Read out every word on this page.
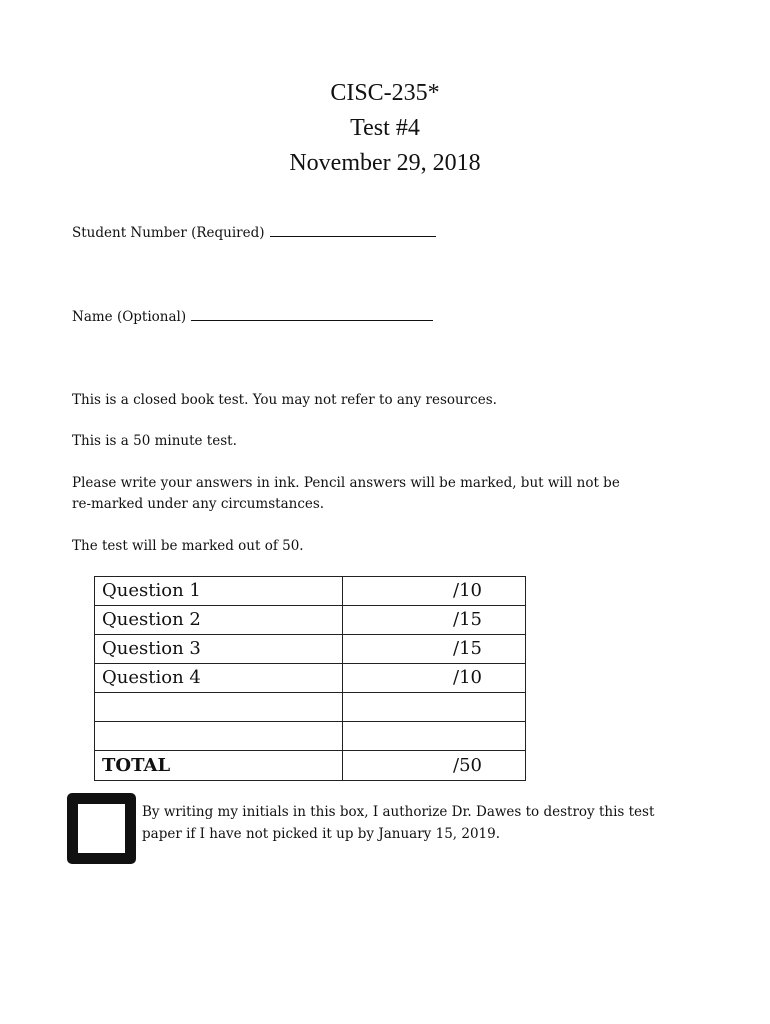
CISC-235*
Test #4
November 29, 2018
Student Number (Required)
Name (Optional)

This is a closed book test. You may not refer to any resources.

This is a 50 minute test.

Please write your answers in ink. Pencil answers will be marked, but will not be re-marked under any circumstances.

The test will be marked out of 50.

Question 1	/10
Question 2	/15
Question 3	/15
Question 4	/10

TOTAL	/50

By writing my initials in this box, I authorize Dr. Dawes to destroy this test paper if I have not picked it up by January 15, 2019.
